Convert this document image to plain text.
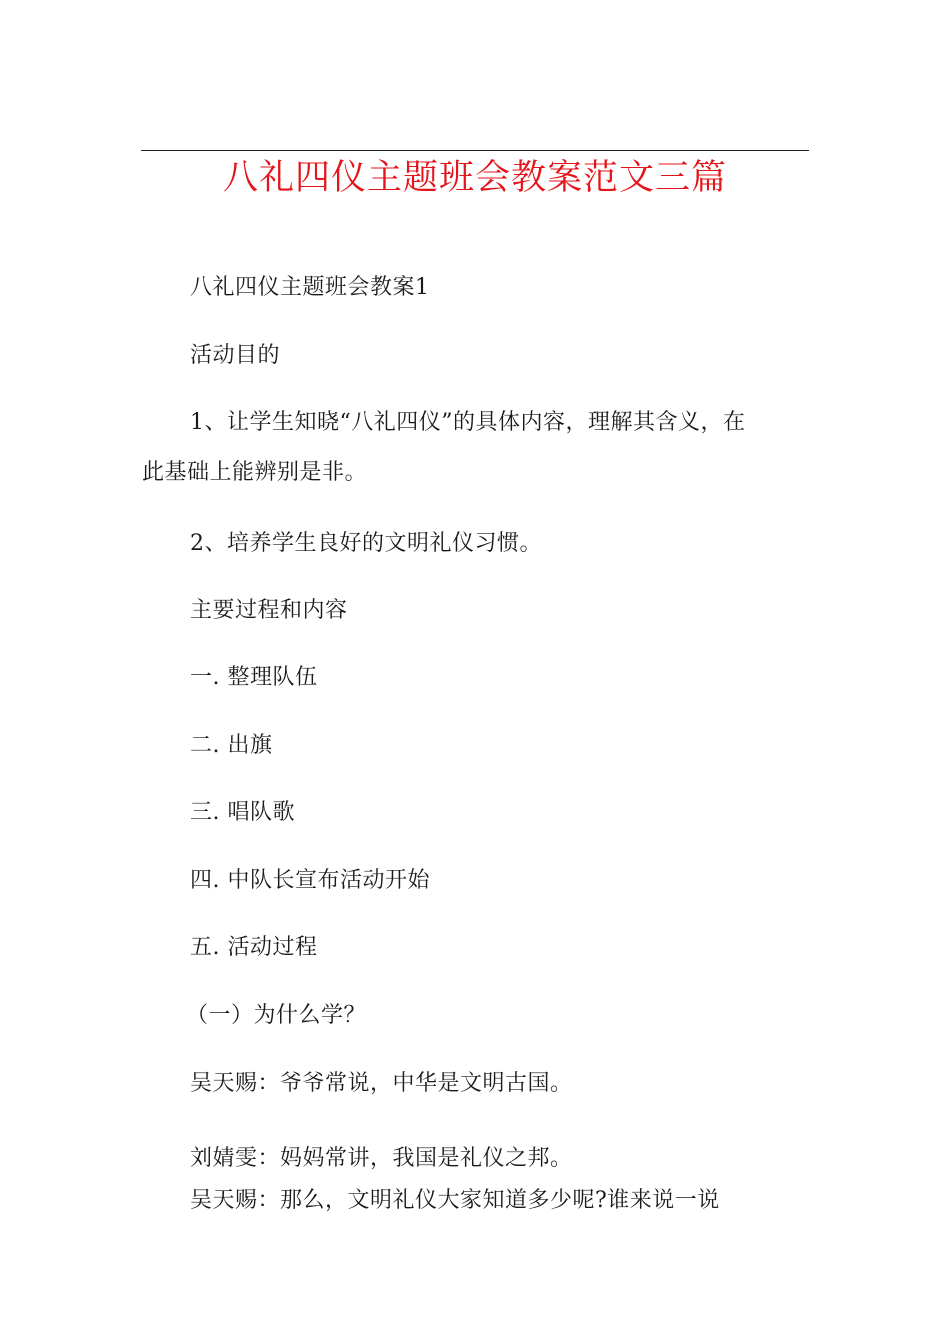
八礼四仪主题班会教案范文三篇
八礼四仪主题班会教案1
活动目的
1、让学生知晓“八礼四仪”的具体内容，理解其含义，在
此基础上能辨别是非。
2、培养学生良好的文明礼仪习惯。
主要过程和内容
一. 整理队伍
二. 出旗
三. 唱队歌
四. 中队长宣布活动开始
五. 活动过程
（一）为什么学？
吴天赐：爷爷常说，中华是文明古国。
刘婧雯：妈妈常讲，我国是礼仪之邦。
吴天赐：那么，文明礼仪大家知道多少呢?谁来说一说
